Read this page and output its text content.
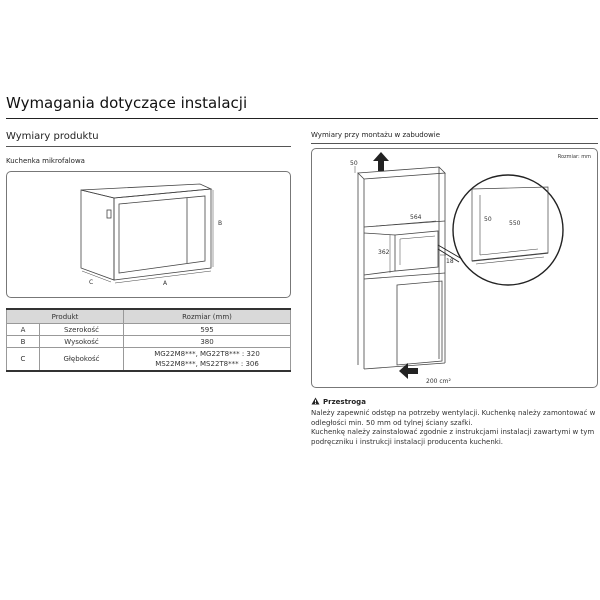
Wymagania dotyczące instalacji
Wymiary produktu
Kuchenka mikrofalowa
B
C	A
Produkt		Rozmiar (mm)
A	Szerokość	595
B	Wysokość	380
C	Głębokość	MG22M8***, MG22T8*** : 320
MS22M8***, MS22T8*** : 306
Wymiary przy montażu w zabudowie
Rozmiar: mm
50
564
362
18
200 cm²
50
550
Przestroga
Należy zapewnić odstęp na potrzeby wentylacji. Kuchenkę należy zamontować w
odległości min. 50 mm od tylnej ściany szafki.
Kuchenkę należy zainstalować zgodnie z instrukcjami instalacji zawartymi w tym
podręczniku i instrukcji instalacji producenta kuchenki.
